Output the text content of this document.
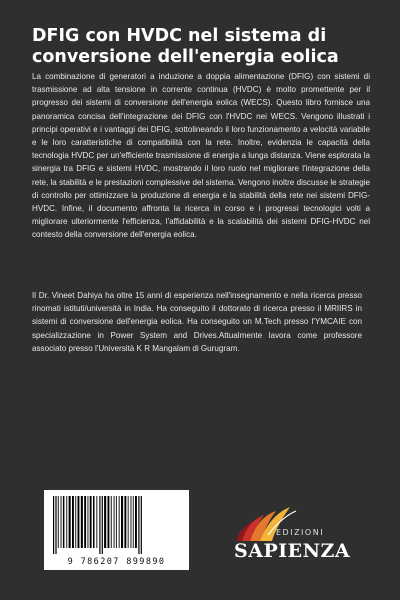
DFIG con HVDC nel sistema di conversione dell'energia eolica

La combinazione di generatori a induzione a doppia alimentazione (DFIG) con sistemi di trasmissione ad alta tensione in corrente continua (HVDC) è molto promettente per il progresso dei sistemi di conversione dell'energia eolica (WECS). Questo libro fornisce una panoramica concisa dell'integrazione dei DFIG con l'HVDC nei WECS. Vengono illustrati i principi operativi e i vantaggi dei DFIG, sottolineando il loro funzionamento a velocità variabile e le loro caratteristiche di compatibilità con la rete. Inoltre, evidenzia le capacità della tecnologia HVDC per un'efficiente trasmissione di energia a lunga distanza. Viene esplorata la sinergia tra DFIG e sistemi HVDC, mostrando il loro ruolo nel migliorare l'integrazione della rete, la stabilità e le prestazioni complessive del sistema. Vengono inoltre discusse le strategie di controllo per ottimizzare la produzione di energia e la stabilità della rete nei sistemi DFIG-HVDC. Infine, il documento affronta la ricerca in corso e i progressi tecnologici volti a migliorare ulteriormente l'efficienza, l'affidabilità e la scalabilità dei sistemi DFIG-HVDC nel contesto della conversione dell'energia eolica.

Il Dr. Vineet Dahiya ha oltre 15 anni di esperienza nell'insegnamento e nella ricerca presso rinomati istituti/università in India. Ha conseguito il dottorato di ricerca presso il MRIIRS in sistemi di conversione dell'energia eolica. Ha conseguito un M.Tech presso l'YMCAIE con specializzazione in Power System and Drives.Attualmente lavora come professore associato presso l'Università K R Mangalam di Gurugram.

9 786207 899890
EDIZIONI
SAPIENZA
